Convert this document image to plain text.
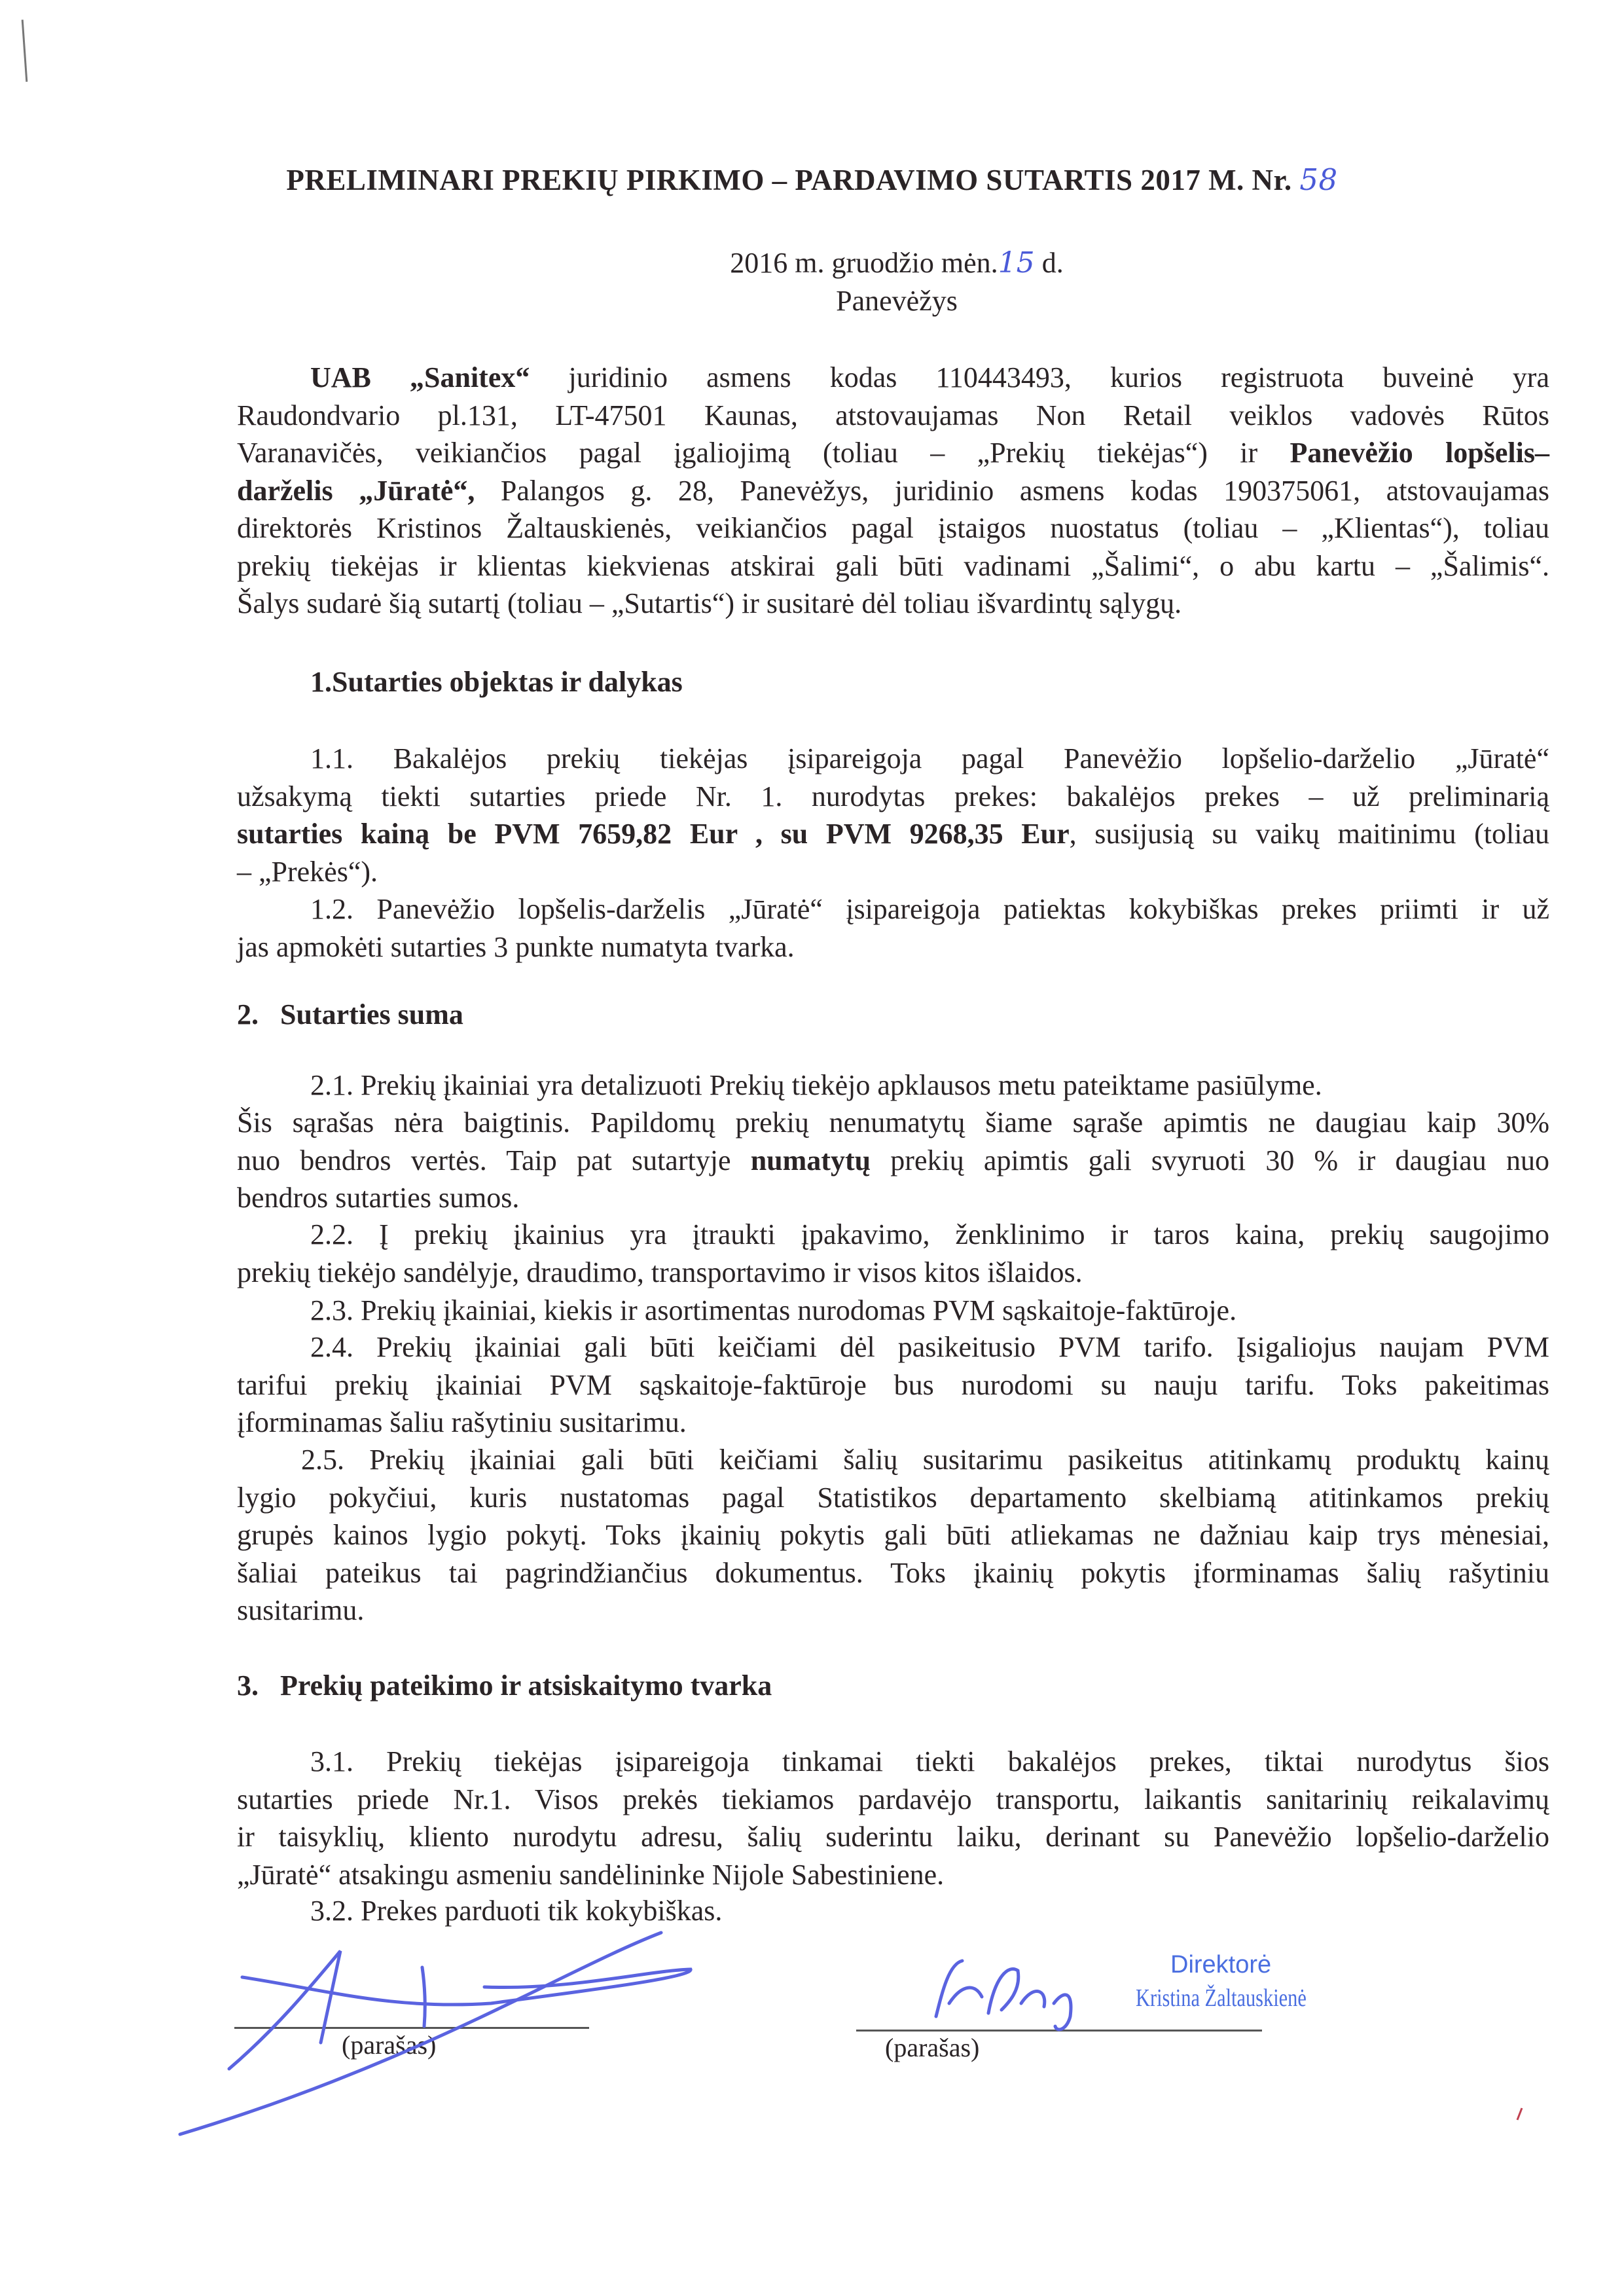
PRELIMINARI PREKIŲ PIRKIMO – PARDAVIMO SUTARTIS 2017 M. Nr. 58
2016 m. gruodžio mėn.15 d.
Panevėžys
UAB „Sanitex“ juridinio asmens kodas 110443493, kurios registruota buveinė yra
Raudondvario pl.131, LT-47501 Kaunas, atstovaujamas Non Retail veiklos vadovės Rūtos
Varanavičės, veikiančios pagal įgaliojimą (toliau – „Prekių tiekėjas“) ir Panevėžio lopšelis–
darželis „Jūratė“, Palangos g. 28, Panevėžys, juridinio asmens kodas 190375061, atstovaujamas
direktorės Kristinos Žaltauskienės, veikiančios pagal įstaigos nuostatus (toliau – „Klientas“), toliau
prekių tiekėjas ir klientas kiekvienas atskirai gali būti vadinami „Šalimi“, o abu kartu – „Šalimis“.
Šalys sudarė šią sutartį (toliau – „Sutartis“) ir susitarė dėl toliau išvardintų sąlygų.
1.Sutarties objektas ir dalykas
1.1. Bakalėjos prekių tiekėjas įsipareigoja pagal Panevėžio lopšelio-darželio „Jūratė“
užsakymą tiekti sutarties priede Nr. 1. nurodytas prekes: bakalėjos prekes – už preliminarią
sutarties kainą be PVM 7659,82 Eur , su PVM 9268,35 Eur, susijusią su vaikų maitinimu (toliau
– „Prekės“).
1.2. Panevėžio lopšelis-darželis „Jūratė“ įsipareigoja patiektas kokybiškas prekes priimti ir už
jas apmokėti sutarties 3 punkte numatyta tvarka.
2.   Sutarties suma
2.1. Prekių įkainiai yra detalizuoti Prekių tiekėjo apklausos metu pateiktame pasiūlyme.
Šis sąrašas nėra baigtinis. Papildomų prekių nenumatytų šiame sąraše apimtis ne daugiau kaip 30%
nuo bendros vertės. Taip pat sutartyje numatytų prekių apimtis gali svyruoti 30 % ir daugiau nuo
bendros sutarties sumos.
2.2. Į prekių įkainius yra įtraukti įpakavimo, ženklinimo ir taros kaina, prekių saugojimo
prekių tiekėjo sandėlyje, draudimo, transportavimo ir visos kitos išlaidos.
2.3. Prekių įkainiai, kiekis ir asortimentas nurodomas PVM sąskaitoje-faktūroje.
2.4. Prekių įkainiai gali būti keičiami dėl pasikeitusio PVM tarifo. Įsigaliojus naujam PVM
tarifui prekių įkainiai PVM sąskaitoje-faktūroje bus nurodomi su nauju tarifu. Toks pakeitimas
įforminamas šaliu rašytiniu susitarimu.
2.5. Prekių įkainiai gali būti keičiami šalių susitarimu pasikeitus atitinkamų produktų kainų
lygio pokyčiui, kuris nustatomas pagal Statistikos departamento skelbiamą atitinkamos prekių
grupės kainos lygio pokytį. Toks įkainių pokytis gali būti atliekamas ne dažniau kaip trys mėnesiai,
šaliai pateikus tai pagrindžiančius dokumentus. Toks įkainių pokytis įforminamas šalių rašytiniu
susitarimu.
3.   Prekių pateikimo ir atsiskaitymo tvarka
3.1. Prekių tiekėjas įsipareigoja tinkamai tiekti bakalėjos prekes, tiktai nurodytus šios
sutarties priede Nr.1. Visos prekės tiekiamos pardavėjo transportu, laikantis sanitarinių reikalavimų
ir taisyklių, kliento nurodytu adresu, šalių suderintu laiku, derinant su Panevėžio lopšelio-darželio
„Jūratė“ atsakingu asmeniu sandėlininke Nijole Sabestiniene.
3.2. Prekes parduoti tik kokybiškas.
(parašas)	(parašas)
Direktorė
Kristina Žaltauskienė
